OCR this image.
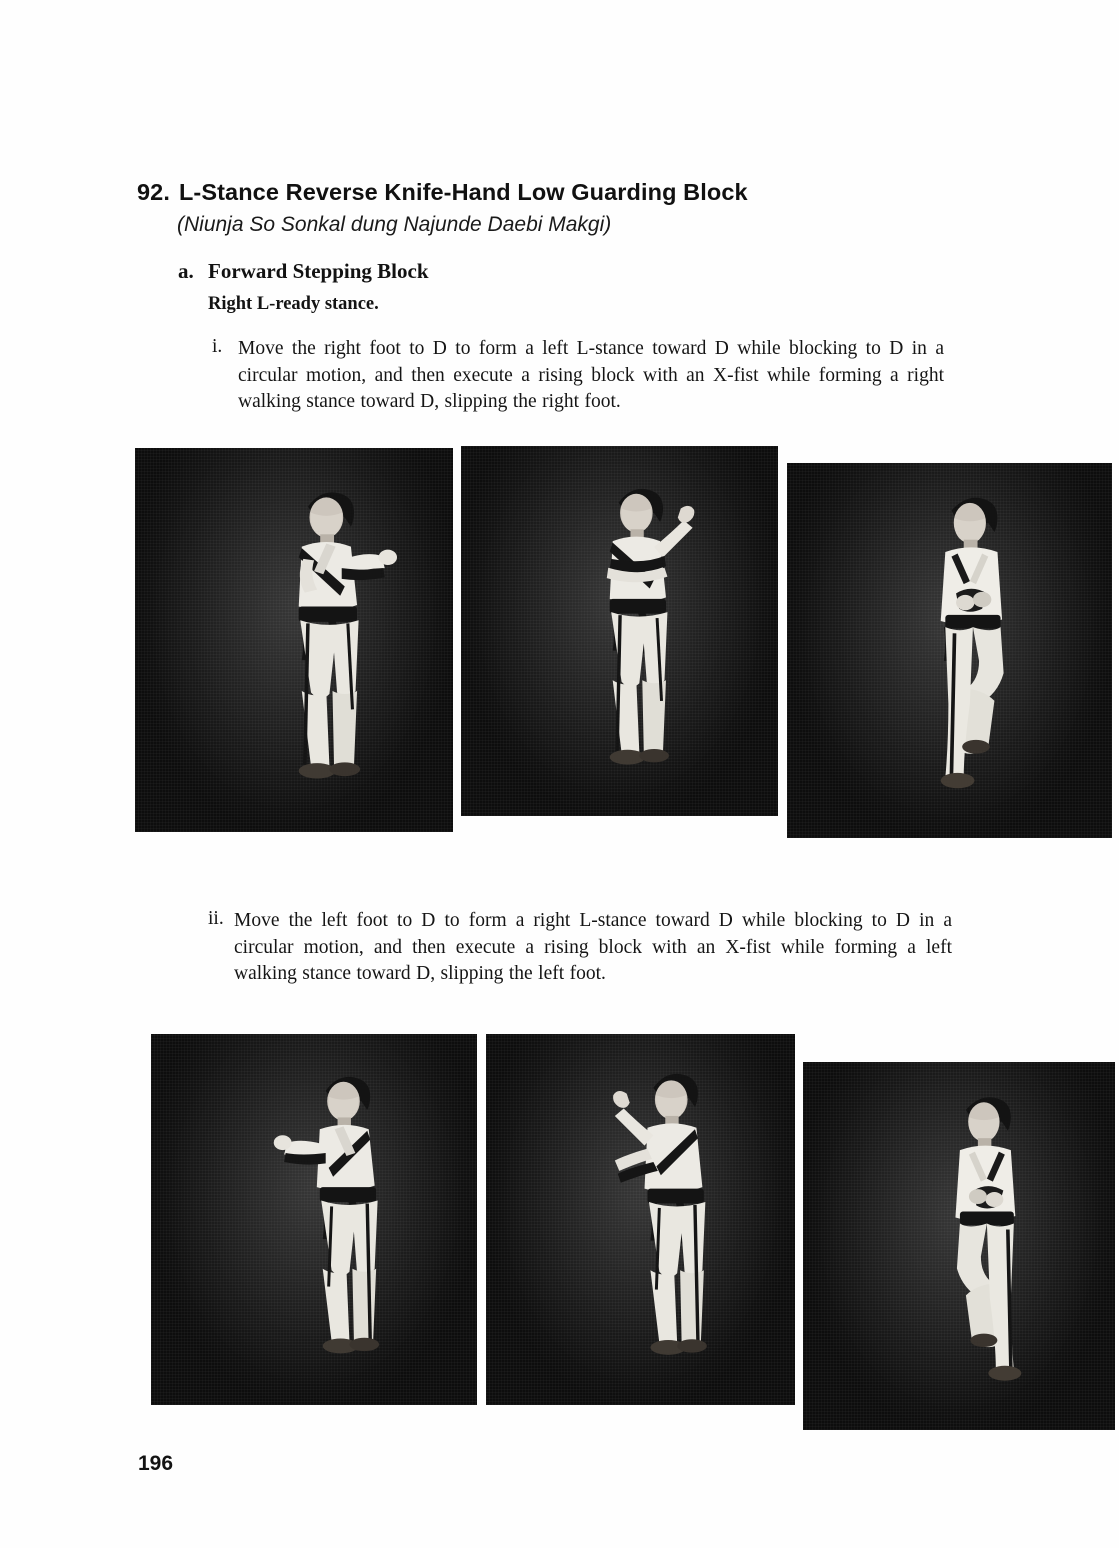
92. L-Stance Reverse Knife-Hand Low Guarding Block
(Niunja So Sonkal dung Najunde Daebi Makgi)
a. Forward Stepping Block
Right L-ready stance.
i. Move the right foot to D to form a left L-stance toward D while blocking to D in a circular motion, and then execute a rising block with an X-fist while forming a right walking stance toward D, slipping the right foot.
ii. Move the left foot to D to form a right L-stance toward D while blocking to D in a circular motion, and then execute a rising block with an X-fist while forming a left walking stance toward D, slipping the left foot.
196
